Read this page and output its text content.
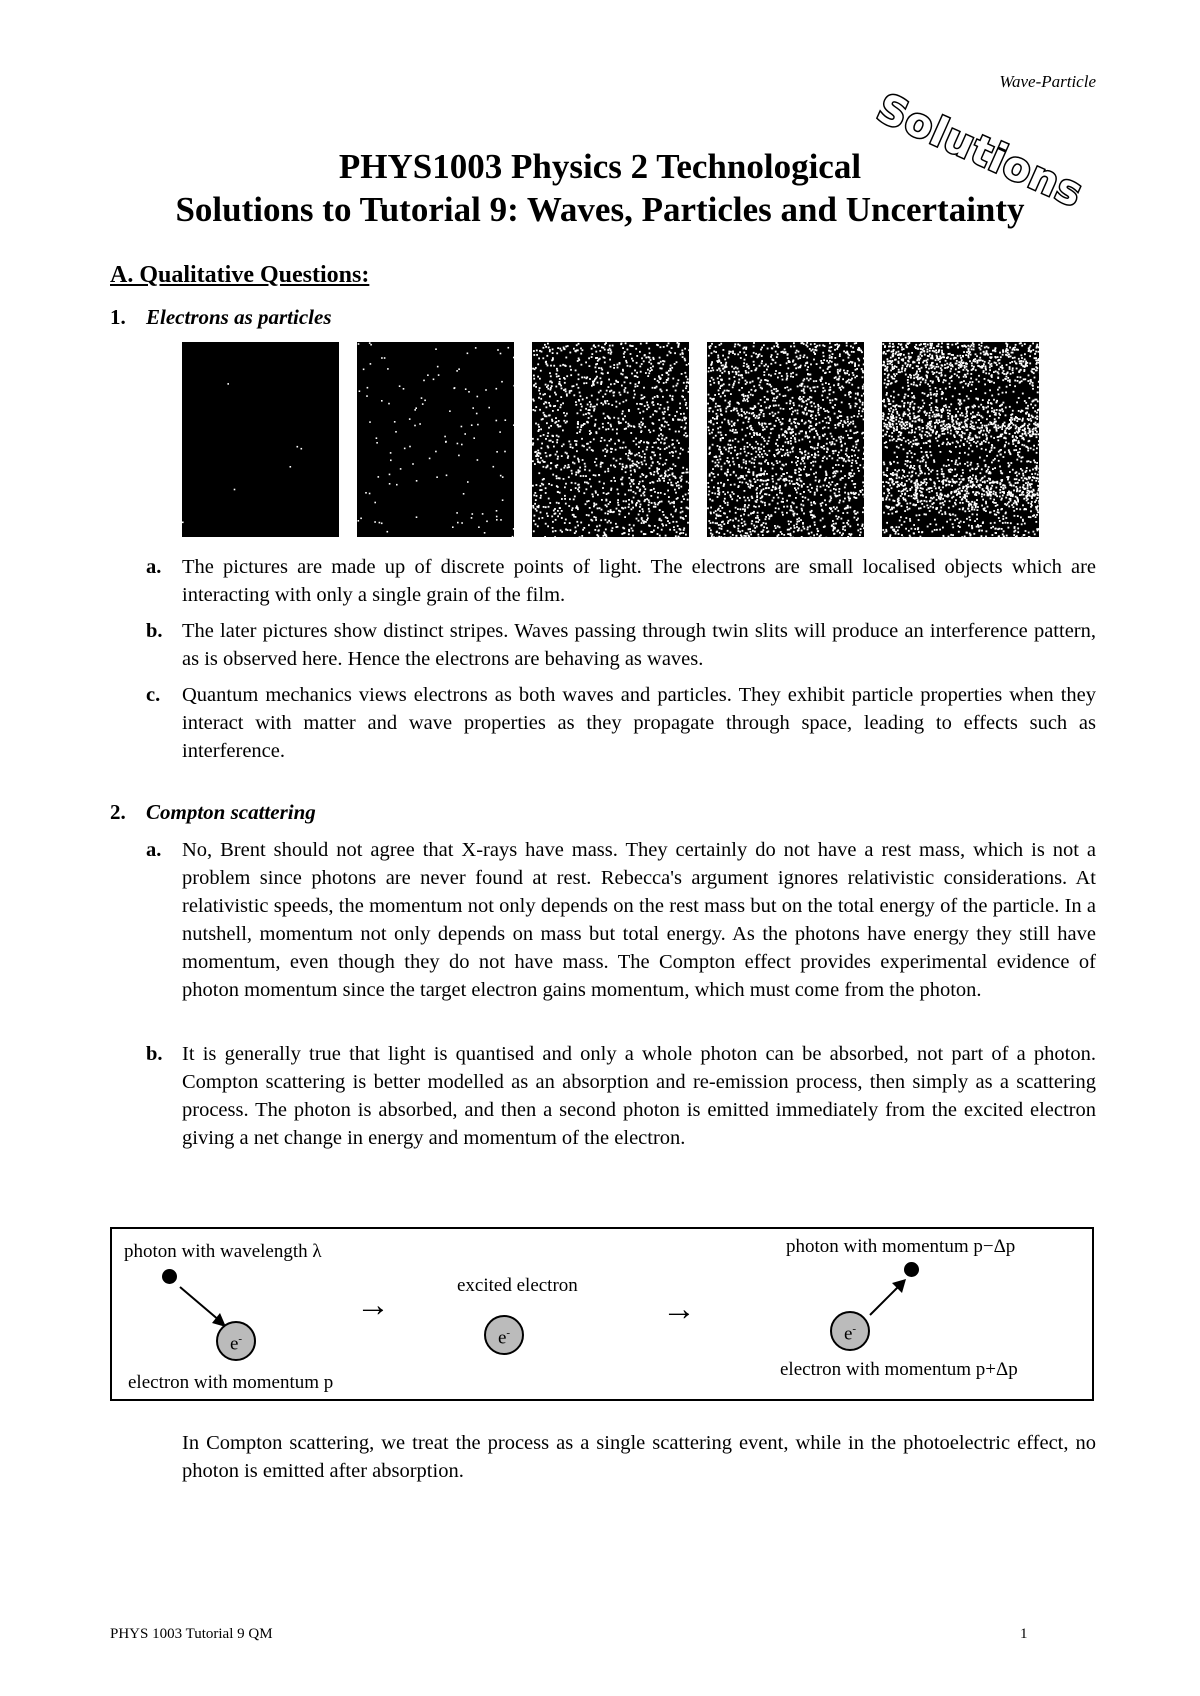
Wave-Particle
Solutions
PHYS1003 Physics 2 Technological
Solutions to Tutorial 9: Waves, Particles and Uncertainty
A. Qualitative Questions:
1. Electrons as particles
a. The pictures are made up of discrete points of light. The electrons are small localised objects which are interacting with only a single grain of the film.
b. The later pictures show distinct stripes. Waves passing through twin slits will produce an interference pattern, as is observed here. Hence the electrons are behaving as waves.
c. Quantum mechanics views electrons as both waves and particles. They exhibit particle properties when they interact with matter and wave properties as they propagate through space, leading to effects such as interference.
2. Compton scattering
a. No, Brent should not agree that X-rays have mass. They certainly do not have a rest mass, which is not a problem since photons are never found at rest. Rebecca's argument ignores relativistic considerations. At relativistic speeds, the momentum not only depends on the rest mass but on the total energy of the particle. In a nutshell, momentum not only depends on mass but total energy. As the photons have energy they still have momentum, even though they do not have mass. The Compton effect provides experimental evidence of photon momentum since the target electron gains momentum, which must come from the photon.
b. It is generally true that light is quantised and only a whole photon can be absorbed, not part of a photon. Compton scattering is better modelled as an absorption and re-emission process, then simply as a scattering process. The photon is absorbed, and then a second photon is emitted immediately from the excited electron giving a net change in energy and momentum of the electron.
photon with wavelength λ
e-
electron with momentum p
→
excited electron
e-
→
photon with momentum p−Δp
e-
electron with momentum p+Δp
In Compton scattering, we treat the process as a single scattering event, while in the photoelectric effect, no photon is emitted after absorption.
PHYS 1003 Tutorial 9 QM	1
